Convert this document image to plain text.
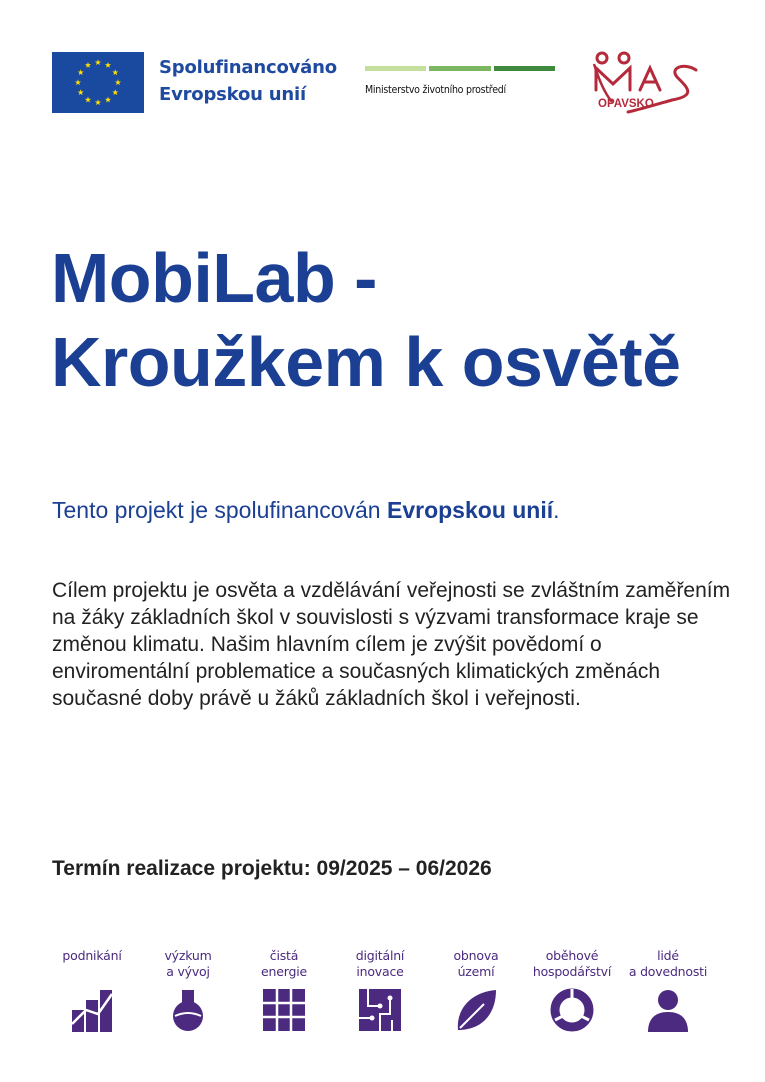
Spolufinancováno
Evropskou unií	Ministerstvo životního prostředí
OPAVSKO
MobiLab -
Kroužkem k osvětě

Tento projekt je spolufinancován Evropskou unií.

Cílem projektu je osvěta a vzdělávání veřejnosti se zvláštním zaměřením na žáky základních škol v souvislosti s výzvami transformace kraje se změnou klimatu. Našim hlavním cílem je zvýšit povědomí o enviromentální problematice a současných klimatických změnách současné doby právě u žáků základních škol i veřejnosti.

Termín realizace projektu: 09/2025 – 06/2026

podnikání	výzkum
a vývoj
čistá
energie
digitální
inovace
obnova
území
oběhové
hospodářství
lidé
a dovednosti
